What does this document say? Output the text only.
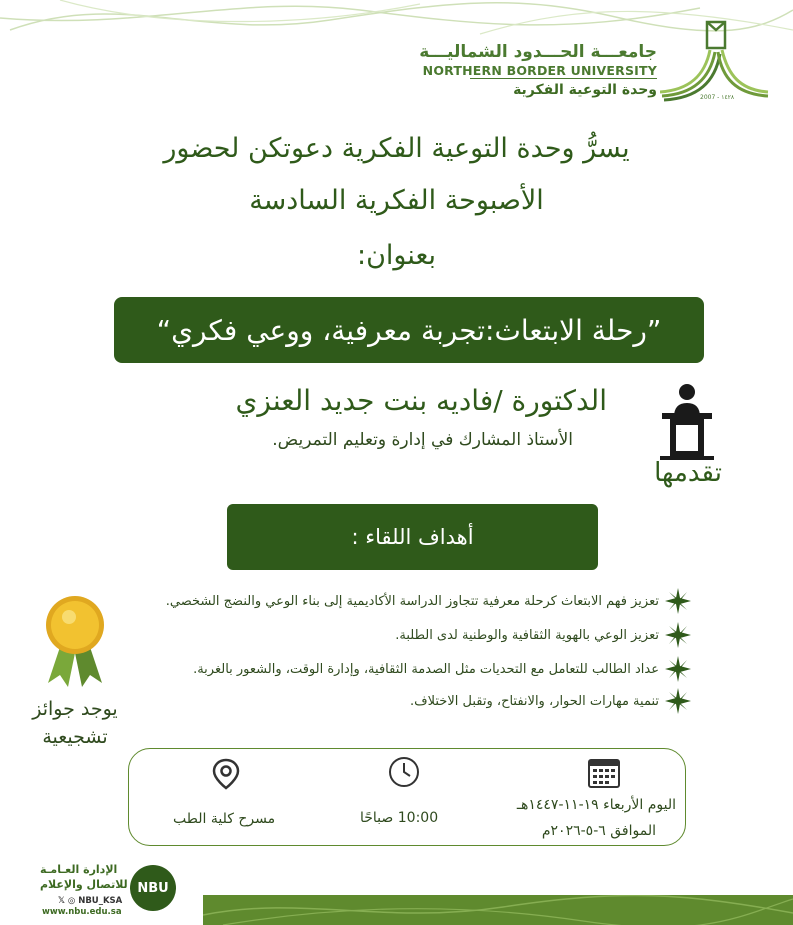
جامعـــة الحـــدود الشماليـــة
NORTHERN BORDER UNIVERSITY
وحدة التوعية الفكرية	2007 - ١٤٢٨
يسرُّ وحدة التوعية الفكرية دعوتكن لحضور
الأصبوحة الفكرية السادسة
بعنوان:
”رحلة الابتعاث:تجربة معرفية، ووعي فكري“
الدكتورة /فاديه بنت جديد العنزي
الأستاذ المشارك في إدارة وتعليم التمريض.
تقدمها
أهداف اللقاء :
تعزيز فهم الابتعاث كرحلة معرفية تتجاوز الدراسة الأكاديمية إلى بناء الوعي والنضج الشخصي.
تعزيز الوعي بالهوية الثقافية والوطنية لدى الطلبة.
عداد الطالب للتعامل مع التحديات مثل الصدمة الثقافية، وإدارة الوقت، والشعور بالغربة.
تنمية مهارات الحوار، والانفتاح، وتقبل الاختلاف.
يوجد جوائز
تشجيعية
اليوم الأربعاء ١٩-١١-١٤٤٧هـ
الموافق ٦-٥-٢٠٢٦م
10:00 صباحًا
مسرح كلية الطب
الإدارة العـامـة
للاتصال والإعلام
𝕏 ◎ NBU_KSA
www.nbu.edu.sa
NBU
